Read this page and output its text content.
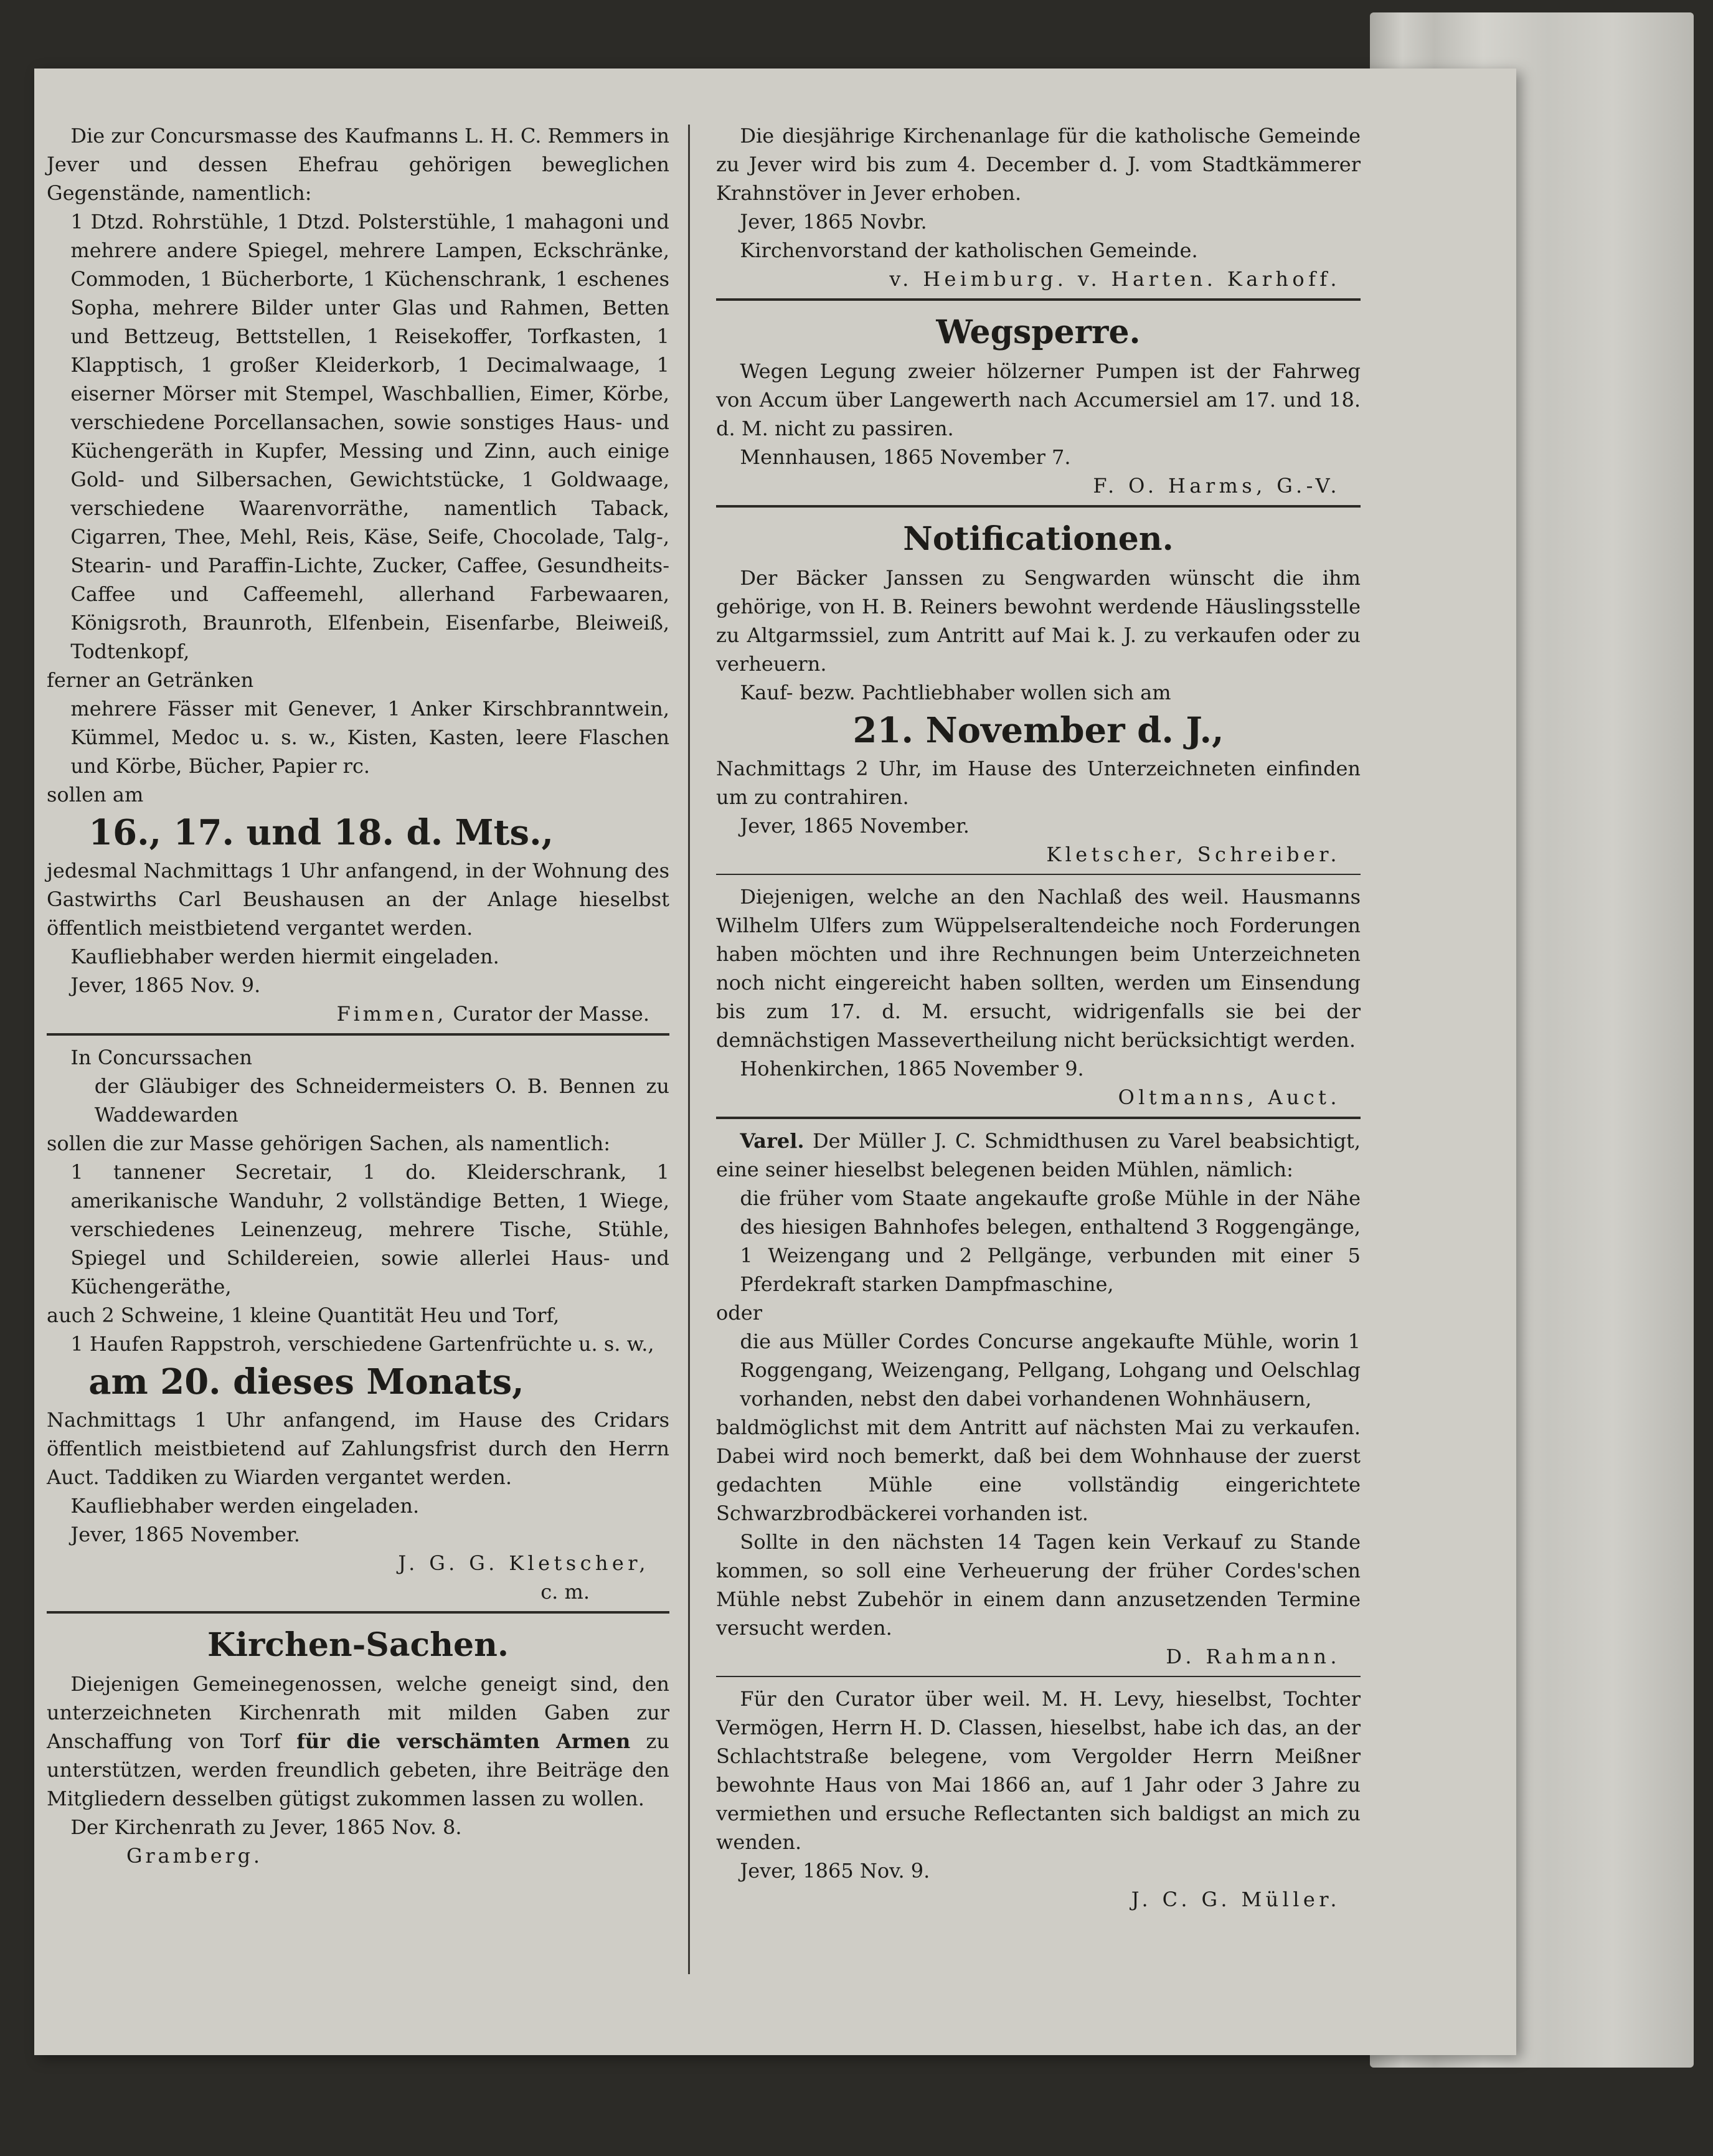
Die zur Concursmasse des Kaufmanns L. H. C. Remmers in Jever und dessen Ehefrau gehörigen beweglichen Gegenstände, namentlich:

1 Dtzd. Rohrstühle, 1 Dtzd. Polsterstühle, 1 mahagoni und mehrere andere Spiegel, mehrere Lampen, Eckschränke, Commoden, 1 Bücherborte, 1 Küchenschrank, 1 eschenes Sopha, mehrere Bilder unter Glas und Rahmen, Betten und Bettzeug, Bettstellen, 1 Reisekoffer, Torfkasten, 1 Klapptisch, 1 großer Kleiderkorb, 1 Decimalwaage, 1 eiserner Mörser mit Stempel, Waschballien, Eimer, Körbe, verschiedene Porcellansachen, sowie sonstiges Haus- und Küchengeräth in Kupfer, Messing und Zinn, auch einige Gold- und Silbersachen, Gewichtstücke, 1 Goldwaage, verschiedene Waarenvorräthe, namentlich Taback, Cigarren, Thee, Mehl, Reis, Käse, Seife, Chocolade, Talg-, Stearin- und Paraffin-Lichte, Zucker, Caffee, Gesundheits-Caffee und Caffeemehl, allerhand Farbewaaren, Königsroth, Braunroth, Elfenbein, Eisenfarbe, Bleiweiß, Todtenkopf,

ferner an Getränken

mehrere Fässer mit Genever, 1 Anker Kirschbranntwein, Kümmel, Medoc u. s. w., Kisten, Kasten, leere Flaschen und Körbe, Bücher, Papier rc.

sollen am

16., 17. und 18. d. Mts.,

jedesmal Nachmittags 1 Uhr anfangend, in der Wohnung des Gastwirths Carl Beushausen an der Anlage hieselbst öffentlich meistbietend vergantet werden.

Kaufliebhaber werden hiermit eingeladen.

Jever, 1865 Nov. 9.

Fimmen, Curator der Masse.

In Concurssachen

der Gläubiger des Schneidermeisters O. B. Bennen zu Waddewarden

sollen die zur Masse gehörigen Sachen, als namentlich:

1 tannener Secretair, 1 do. Kleiderschrank, 1 amerikanische Wanduhr, 2 vollständige Betten, 1 Wiege, verschiedenes Leinenzeug, mehrere Tische, Stühle, Spiegel und Schildereien, sowie allerlei Haus- und Küchengeräthe,

auch 2 Schweine, 1 kleine Quantität Heu und Torf,

1 Haufen Rappstroh, verschiedene Gartenfrüchte u. s. w.,

am 20. dieses Monats,

Nachmittags 1 Uhr anfangend, im Hause des Cridars öffentlich meistbietend auf Zahlungsfrist durch den Herrn Auct. Taddiken zu Wiarden vergantet werden.

Kaufliebhaber werden eingeladen.

Jever, 1865 November.

J. G. G. Kletscher,

c. m.

Kirchen-Sachen.

Diejenigen Gemeinegenossen, welche geneigt sind, den unterzeichneten Kirchenrath mit milden Gaben zur Anschaffung von Torf für die verschämten Armen zu unterstützen, werden freundlich gebeten, ihre Beiträge den Mitgliedern desselben gütigst zukommen lassen zu wollen.

Der Kirchenrath zu Jever, 1865 Nov. 8.

Gramberg.

Die diesjährige Kirchenanlage für die katholische Gemeinde zu Jever wird bis zum 4. December d. J. vom Stadtkämmerer Krahnstöver in Jever erhoben.

Jever, 1865 Novbr.

Kirchenvorstand der katholischen Gemeinde.

v. Heimburg. v. Harten. Karhoff.

Wegsperre.

Wegen Legung zweier hölzerner Pumpen ist der Fahrweg von Accum über Langewerth nach Accumersiel am 17. und 18. d. M. nicht zu passiren.

Mennhausen, 1865 November 7.

F. O. Harms, G.-V.

Notificationen.

Der Bäcker Janssen zu Sengwarden wünscht die ihm gehörige, von H. B. Reiners bewohnt werdende Häuslingsstelle zu Altgarmssiel, zum Antritt auf Mai k. J. zu verkaufen oder zu verheuern.

Kauf- bezw. Pachtliebhaber wollen sich am

21. November d. J.,

Nachmittags 2 Uhr, im Hause des Unterzeichneten einfinden um zu contrahiren.

Jever, 1865 November.

Kletscher, Schreiber.

Diejenigen, welche an den Nachlaß des weil. Hausmanns Wilhelm Ulfers zum Wüppelseraltendeiche noch Forderungen haben möchten und ihre Rechnungen beim Unterzeichneten noch nicht eingereicht haben sollten, werden um Einsendung bis zum 17. d. M. ersucht, widrigenfalls sie bei der demnächstigen Massevertheilung nicht berücksichtigt werden.

Hohenkirchen, 1865 November 9.

Oltmanns, Auct.

Varel. Der Müller J. C. Schmidthusen zu Varel beabsichtigt, eine seiner hieselbst belegenen beiden Mühlen, nämlich:

die früher vom Staate angekaufte große Mühle in der Nähe des hiesigen Bahnhofes belegen, enthaltend 3 Roggengänge, 1 Weizengang und 2 Pellgänge, verbunden mit einer 5 Pferdekraft starken Dampfmaschine,

oder

die aus Müller Cordes Concurse angekaufte Mühle, worin 1 Roggengang, Weizengang, Pellgang, Lohgang und Oelschlag vorhanden, nebst den dabei vorhandenen Wohnhäusern,

baldmöglichst mit dem Antritt auf nächsten Mai zu verkaufen. Dabei wird noch bemerkt, daß bei dem Wohnhause der zuerst gedachten Mühle eine vollständig eingerichtete Schwarzbrodbäckerei vorhanden ist.

Sollte in den nächsten 14 Tagen kein Verkauf zu Stande kommen, so soll eine Verheuerung der früher Cordes'schen Mühle nebst Zubehör in einem dann anzusetzenden Termine versucht werden.

D. Rahmann.

Für den Curator über weil. M. H. Levy, hieselbst, Tochter Vermögen, Herrn H. D. Classen, hieselbst, habe ich das, an der Schlachtstraße belegene, vom Vergolder Herrn Meißner bewohnte Haus von Mai 1866 an, auf 1 Jahr oder 3 Jahre zu vermiethen und ersuche Reflectanten sich baldigst an mich zu wenden.

Jever, 1865 Nov. 9.

J. C. G. Müller.
